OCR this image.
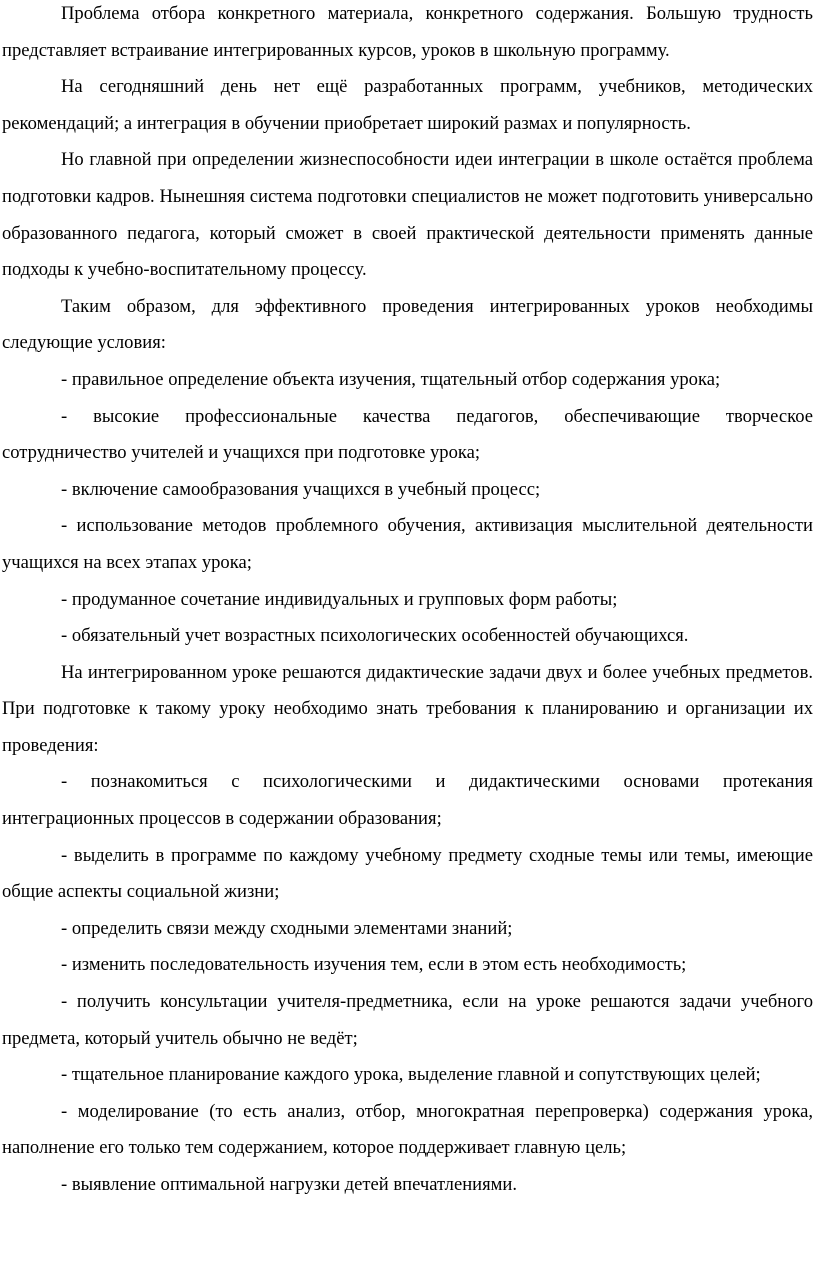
Проблема отбора конкретного материала, конкретного содержания. Большую трудность представляет встраивание интегрированных курсов, уроков в школьную программу.

На сегодняшний день нет ещё разработанных программ, учебников, методических рекомендаций; а интеграция в обучении приобретает широкий размах и популярность.

Но главной при определении жизнеспособности идеи интеграции в школе остаётся проблема подготовки кадров. Нынешняя система подготовки специалистов не может подготовить универсально образованного педагога, который сможет в своей практической деятельности применять данные подходы к учебно-воспитательному процессу.

Таким образом, для эффективного проведения интегрированных уроков необходимы следующие условия:

- правильное определение объекта изучения, тщательный отбор содержания урока;

- высокие профессиональные качества педагогов, обеспечивающие творческое сотрудничество учителей и учащихся при подготовке урока;

- включение самообразования учащихся в учебный процесс;

- использование методов проблемного обучения, активизация мыслительной деятельности учащихся на всех этапах урока;

- продуманное сочетание индивидуальных и групповых форм работы;

- обязательный учет возрастных психологических особенностей обучающихся.

На интегрированном уроке решаются дидактические задачи двух и более учебных предметов. При подготовке к такому уроку необходимо знать требования к планированию и организации их проведения:

- познакомиться с психологическими и дидактическими основами протекания интеграционных процессов в содержании образования;

- выделить в программе по каждому учебному предмету сходные темы или темы, имеющие общие аспекты социальной жизни;

- определить связи между сходными элементами знаний;

- изменить последовательность изучения тем, если в этом есть необходимость;

- получить консультации учителя-предметника, если на уроке решаются задачи учебного предмета, который учитель обычно не ведёт;

- тщательное планирование каждого урока, выделение главной и сопутствующих целей;

- моделирование (то есть анализ, отбор, многократная перепроверка) содержания урока, наполнение его только тем содержанием, которое поддерживает главную цель;

- выявление оптимальной нагрузки детей впечатлениями.
